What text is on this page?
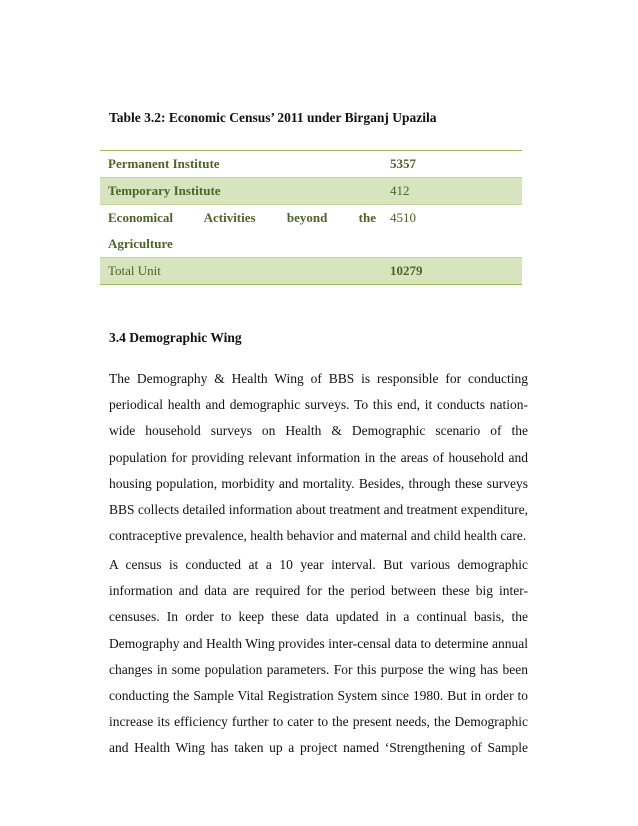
Table 3.2: Economic Census’ 2011 under Birganj Upazila
Permanent Institute	5357
Temporary Institute	412

Economical Activities beyond the
Agriculture	4510
Total Unit	10279
3.4 Demographic Wing
The Demography & Health Wing of BBS is responsible for conducting
periodical health and demographic surveys. To this end, it conducts nation-
wide household surveys on Health & Demographic scenario of the
population for providing relevant information in the areas of household and
housing population, morbidity and mortality. Besides, through these surveys
BBS collects detailed information about treatment and treatment expenditure,
contraceptive prevalence, health behavior and maternal and child health care.
A census is conducted at a 10 year interval. But various demographic
information and data are required for the period between these big inter-
censuses. In order to keep these data updated in a continual basis, the
Demography and Health Wing provides inter-censal data to determine annual
changes in some population parameters. For this purpose the wing has been
conducting the Sample Vital Registration System since 1980. But in order to
increase its efficiency further to cater to the present needs, the Demographic
and Health Wing has taken up a project named ‘Strengthening of Sample
